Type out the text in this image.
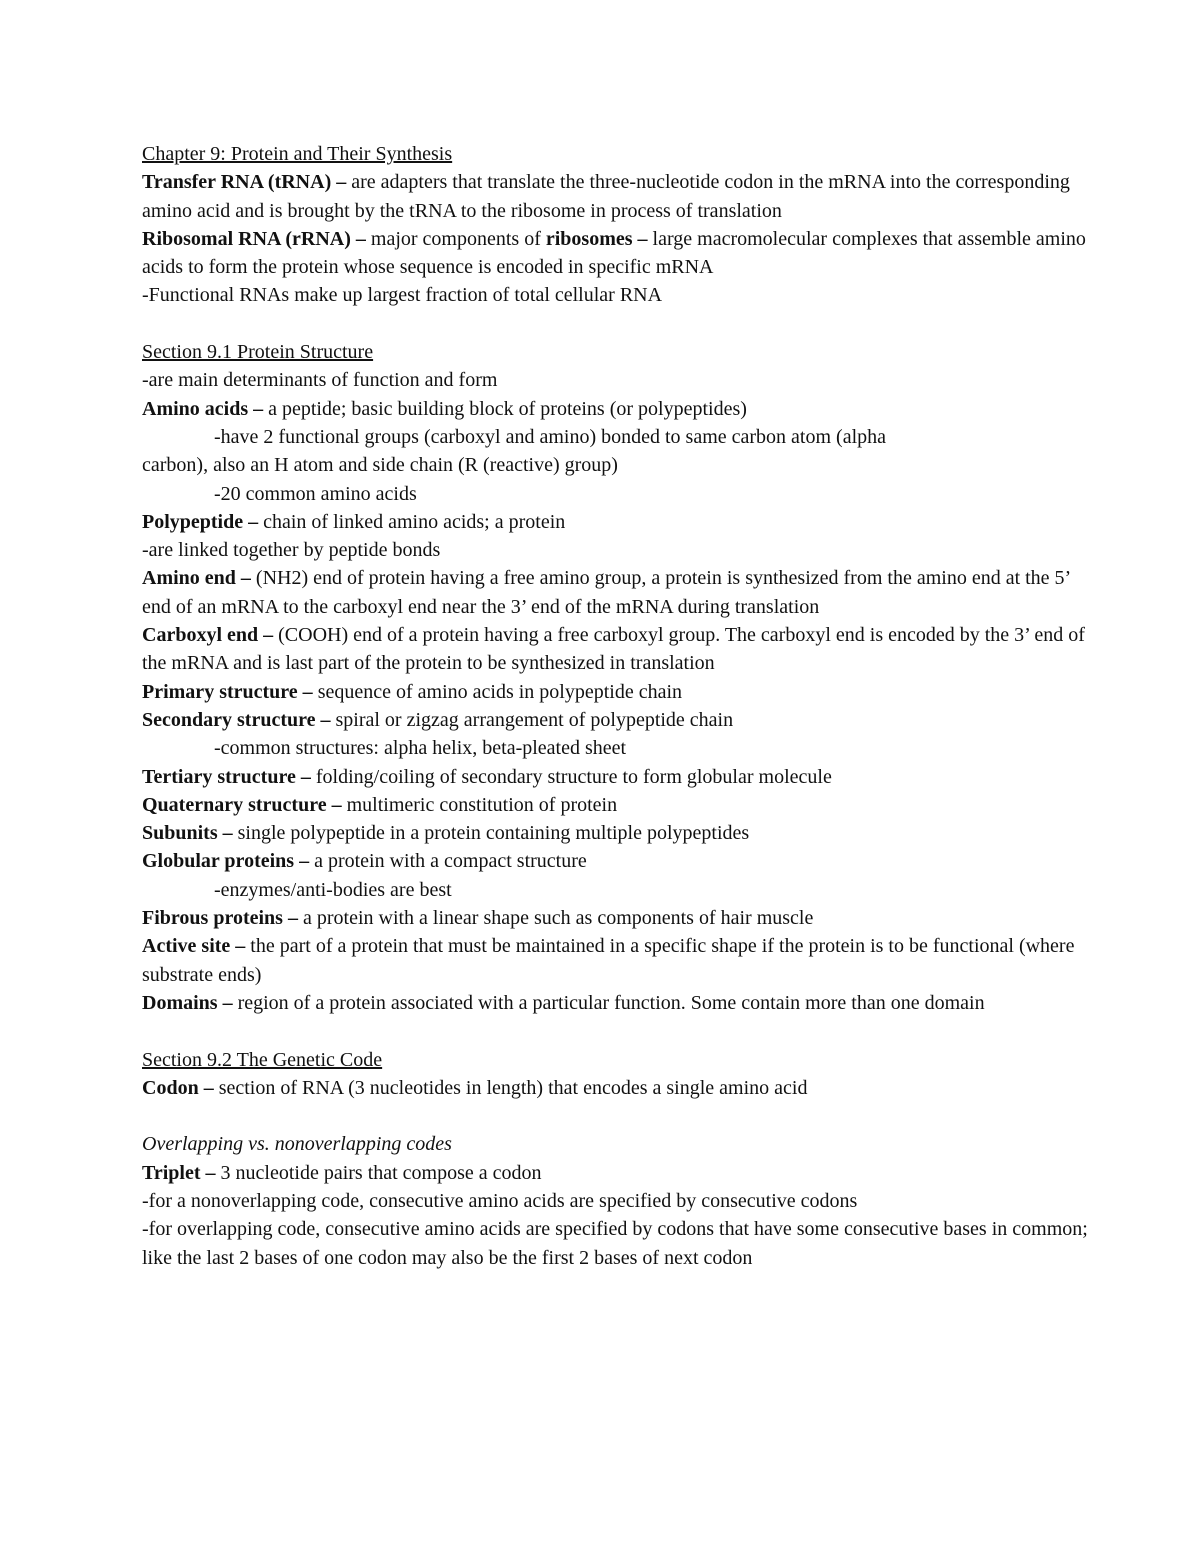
Chapter 9: Protein and Their Synthesis

Transfer RNA (tRNA) – are adapters that translate the three-nucleotide codon in the mRNA into the corresponding amino acid and is brought by the tRNA to the ribosome in process of translation

Ribosomal RNA (rRNA) – major components of ribosomes – large macromolecular complexes that assemble amino acids to form the protein whose sequence is encoded in specific mRNA

-Functional RNAs make up largest fraction of total cellular RNA

Section 9.1 Protein Structure

-are main determinants of function and form

Amino acids – a peptide; basic building block of proteins (or polypeptides)

-have 2 functional groups (carboxyl and amino) bonded to same carbon atom (alpha

carbon), also an H atom and side chain (R (reactive) group)

-20 common amino acids

Polypeptide – chain of linked amino acids; a protein

-are linked together by peptide bonds

Amino end – (NH2) end of protein having a free amino group, a protein is synthesized from the amino end at the 5’ end of an mRNA to the carboxyl end near the 3’ end of the mRNA during translation

Carboxyl end – (COOH) end of a protein having a free carboxyl group. The carboxyl end is encoded by the 3’ end of the mRNA and is last part of the protein to be synthesized in translation

Primary structure – sequence of amino acids in polypeptide chain

Secondary structure – spiral or zigzag arrangement of polypeptide chain

-common structures: alpha helix, beta-pleated sheet

Tertiary structure – folding/coiling of secondary structure to form globular molecule

Quaternary structure – multimeric constitution of protein

Subunits – single polypeptide in a protein containing multiple polypeptides

Globular proteins – a protein with a compact structure

-enzymes/anti-bodies are best

Fibrous proteins – a protein with a linear shape such as components of hair muscle

Active site – the part of a protein that must be maintained in a specific shape if the protein is to be functional (where substrate ends)

Domains – region of a protein associated with a particular function. Some contain more than one domain

Section 9.2 The Genetic Code

Codon – section of RNA (3 nucleotides in length) that encodes a single amino acid

Overlapping vs. nonoverlapping codes

Triplet – 3 nucleotide pairs that compose a codon

-for a nonoverlapping code, consecutive amino acids are specified by consecutive codons

-for overlapping code, consecutive amino acids are specified by codons that have some consecutive bases in common; like the last 2 bases of one codon may also be the first 2 bases of next codon
